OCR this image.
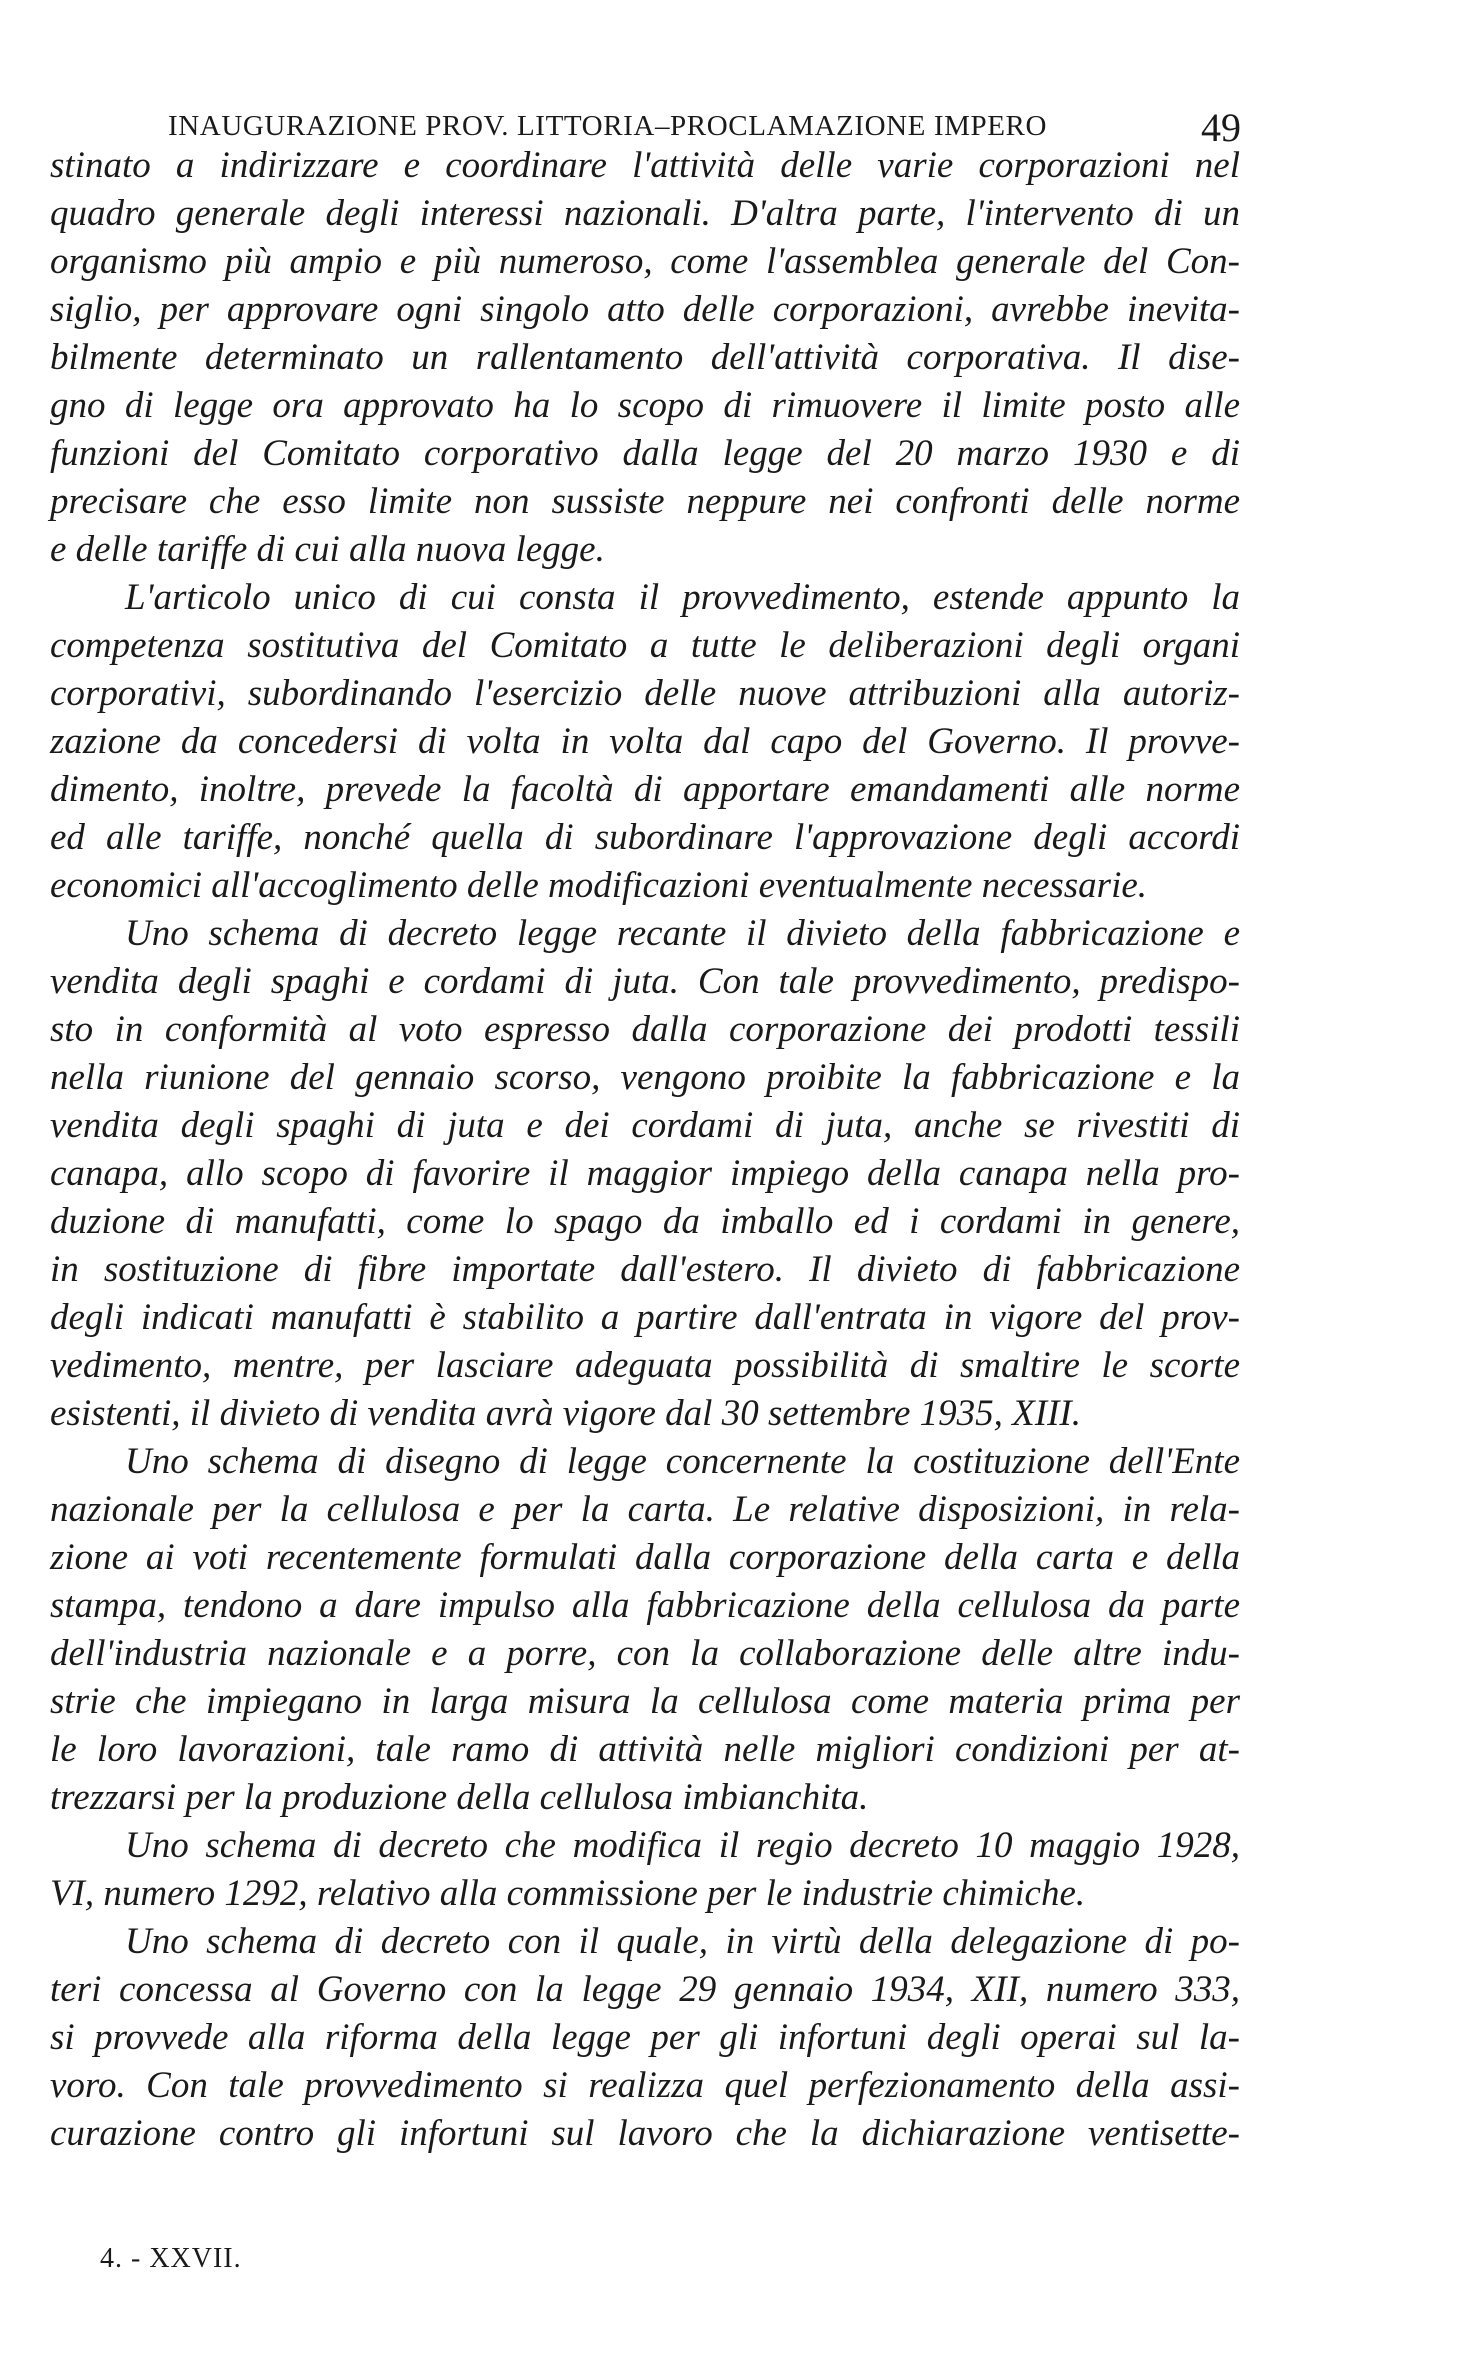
INAUGURAZIONE PROV. LITTORIA–PROCLAMAZIONE IMPERO	49
stinato a indirizzare e coordinare l'attività delle varie corporazioni nel
quadro generale degli interessi nazionali. D'altra parte, l'intervento di un
organismo più ampio e più numeroso, come l'assemblea generale del Con-
siglio, per approvare ogni singolo atto delle corporazioni, avrebbe inevita-
bilmente determinato un rallentamento dell'attività corporativa. Il dise-
gno di legge ora approvato ha lo scopo di rimuovere il limite posto alle
funzioni del Comitato corporativo dalla legge del 20 marzo 1930 e di
precisare che esso limite non sussiste neppure nei confronti delle norme
e delle tariffe di cui alla nuova legge.
L'articolo unico di cui consta il provvedimento, estende appunto la
competenza sostitutiva del Comitato a tutte le deliberazioni degli organi
corporativi, subordinando l'esercizio delle nuove attribuzioni alla autoriz-
zazione da concedersi di volta in volta dal capo del Governo. Il provve-
dimento, inoltre, prevede la facoltà di apportare emandamenti alle norme
ed alle tariffe, nonché quella di subordinare l'approvazione degli accordi
economici all'accoglimento delle modificazioni eventualmente necessarie.
Uno schema di decreto legge recante il divieto della fabbricazione e
vendita degli spaghi e cordami di juta. Con tale provvedimento, predispo-
sto in conformità al voto espresso dalla corporazione dei prodotti tessili
nella riunione del gennaio scorso, vengono proibite la fabbricazione e la
vendita degli spaghi di juta e dei cordami di juta, anche se rivestiti di
canapa, allo scopo di favorire il maggior impiego della canapa nella pro-
duzione di manufatti, come lo spago da imballo ed i cordami in genere,
in sostituzione di fibre importate dall'estero. Il divieto di fabbricazione
degli indicati manufatti è stabilito a partire dall'entrata in vigore del prov-
vedimento, mentre, per lasciare adeguata possibilità di smaltire le scorte
esistenti, il divieto di vendita avrà vigore dal 30 settembre 1935, XIII.
Uno schema di disegno di legge concernente la costituzione dell'Ente
nazionale per la cellulosa e per la carta. Le relative disposizioni, in rela-
zione ai voti recentemente formulati dalla corporazione della carta e della
stampa, tendono a dare impulso alla fabbricazione della cellulosa da parte
dell'industria nazionale e a porre, con la collaborazione delle altre indu-
strie che impiegano in larga misura la cellulosa come materia prima per
le loro lavorazioni, tale ramo di attività nelle migliori condizioni per at-
trezzarsi per la produzione della cellulosa imbianchita.
Uno schema di decreto che modifica il regio decreto 10 maggio 1928,
VI, numero 1292, relativo alla commissione per le industrie chimiche.
Uno schema di decreto con il quale, in virtù della delegazione di po-
teri concessa al Governo con la legge 29 gennaio 1934, XII, numero 333,
si provvede alla riforma della legge per gli infortuni degli operai sul la-
voro. Con tale provvedimento si realizza quel perfezionamento della assi-
curazione contro gli infortuni sul lavoro che la dichiarazione ventisette-
4. - XXVII.
